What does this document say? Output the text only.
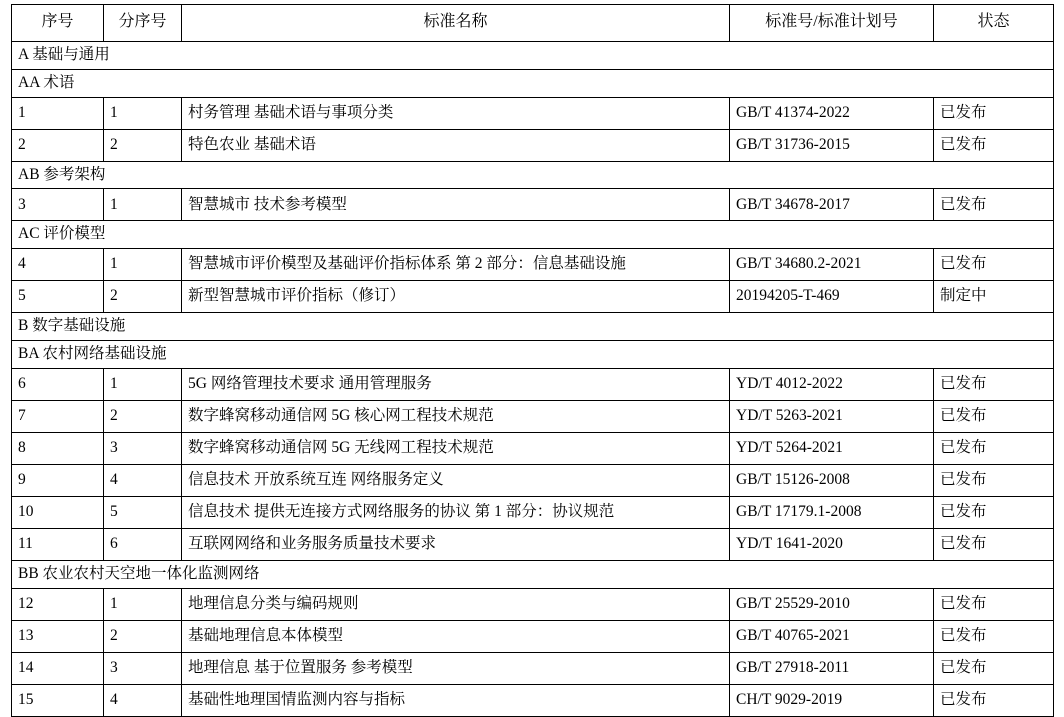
序号	分序号	标准名称	标准号/标准计划号	状态
A 基础与通用				
AA 术语				
1	1	村务管理 基础术语与事项分类	GB/T 41374-2022	已发布
2	2	特色农业 基础术语	GB/T 31736-2015	已发布
AB 参考架构				
3	1	智慧城市 技术参考模型	GB/T 34678-2017	已发布
AC 评价模型				
4	1	智慧城市评价模型及基础评价指标体系 第 2 部分：信息基础设施	GB/T 34680.2-2021	已发布
5	2	新型智慧城市评价指标（修订）	20194205-T-469	制定中
B 数字基础设施				
BA 农村网络基础设施				
6	1	5G 网络管理技术要求 通用管理服务	YD/T 4012-2022	已发布
7	2	数字蜂窝移动通信网 5G 核心网工程技术规范	YD/T 5263-2021	已发布
8	3	数字蜂窝移动通信网 5G 无线网工程技术规范	YD/T 5264-2021	已发布
9	4	信息技术 开放系统互连 网络服务定义	GB/T 15126-2008	已发布
10	5	信息技术 提供无连接方式网络服务的协议 第 1 部分：协议规范	GB/T 17179.1-2008	已发布
11	6	互联网网络和业务服务质量技术要求	YD/T 1641-2020	已发布
BB 农业农村天空地一体化监测网络				
12	1	地理信息分类与编码规则	GB/T 25529-2010	已发布
13	2	基础地理信息本体模型	GB/T 40765-2021	已发布
14	3	地理信息 基于位置服务 参考模型	GB/T 27918-2011	已发布
15	4	基础性地理国情监测内容与指标	CH/T 9029-2019	已发布
